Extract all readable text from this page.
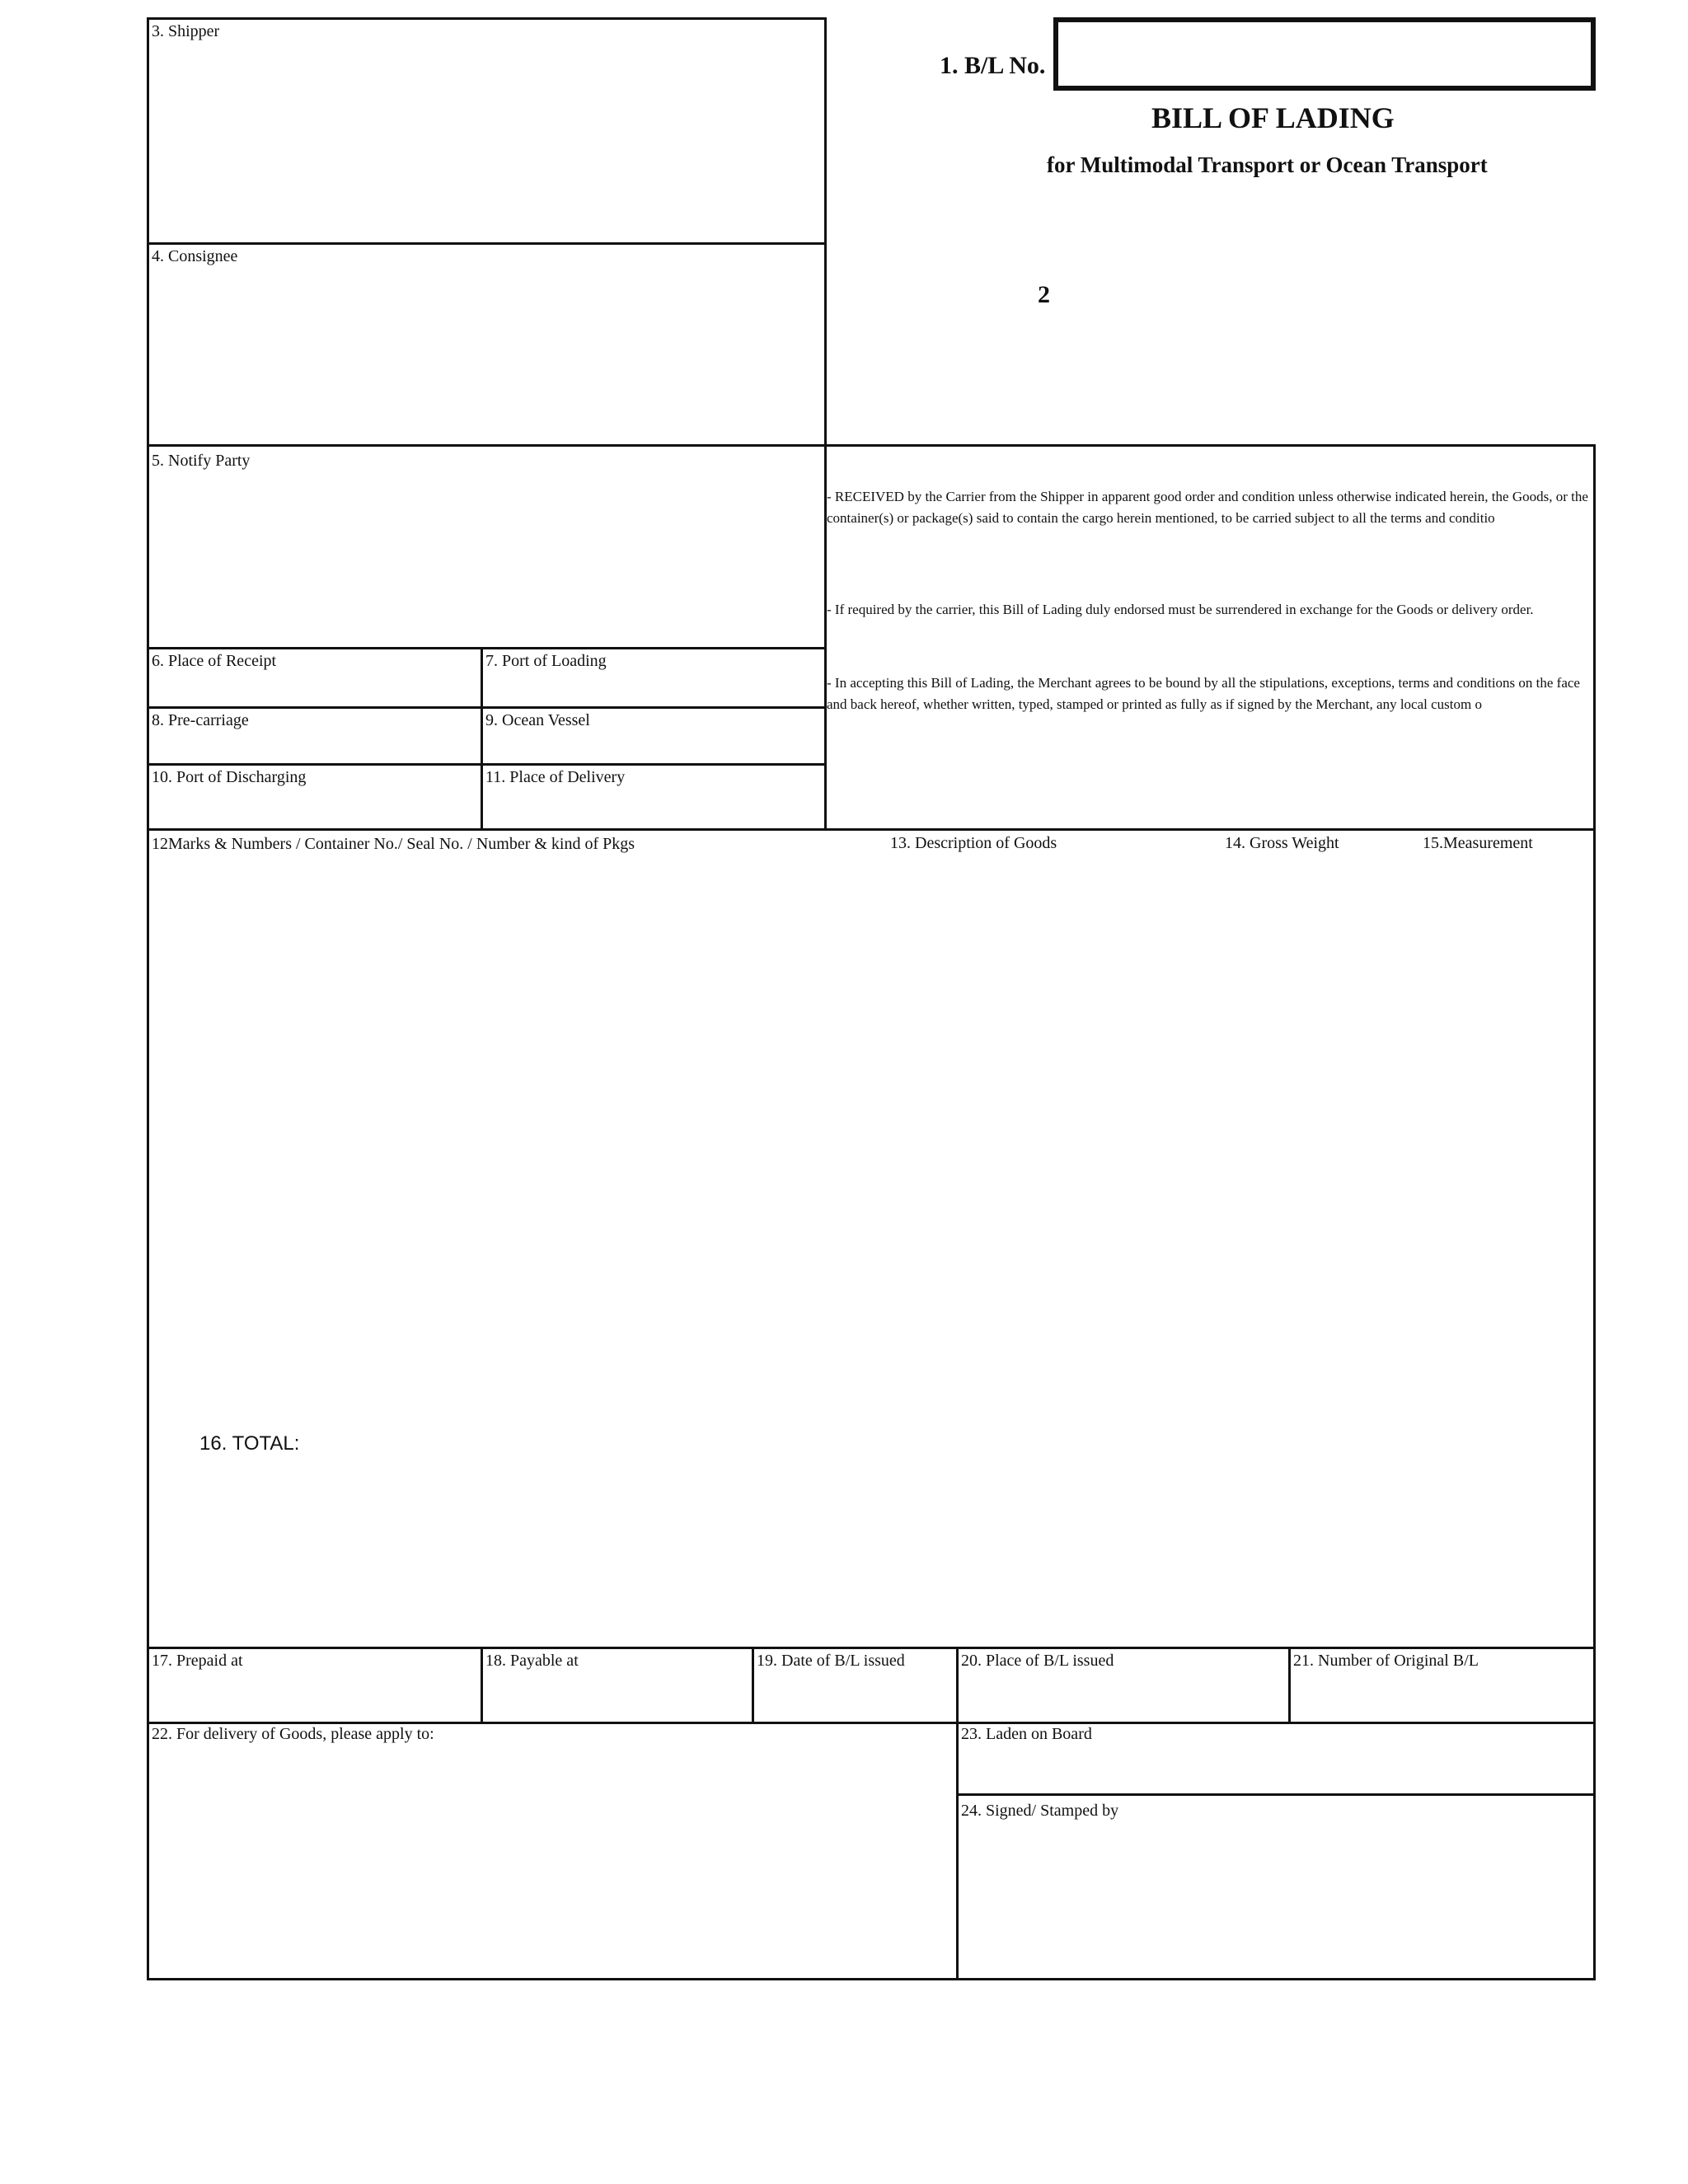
1. B/L No.
BILL OF LADING
for Multimodal Transport or Ocean Transport
2
3. Shipper
4. Consignee
5. Notify Party
6. Place of Receipt	7. Port of Loading
8. Pre-carriage	9. Ocean Vessel
10. Port of Discharging	11. Place of Delivery
- RECEIVED by the Carrier from the Shipper in apparent good order and condition unless otherwise indicated herein, the Goods, or the container(s) or package(s) said to contain the cargo herein mentioned, to be carried subject to all the terms and conditio
- If required by the carrier, this Bill of Lading duly endorsed must be surrendered in exchange for the Goods or delivery order.
- In accepting this Bill of Lading, the Merchant agrees to be bound by all the stipulations, exceptions, terms and conditions on the face and back hereof, whether written, typed, stamped or printed as fully as if signed by the Merchant, any local custom o
12Marks & Numbers / Container No./ Seal No. / Number & kind of Pkgs	13. Description of Goods	14. Gross Weight	15.Measurement
16. TOTAL:
17. Prepaid at	18. Payable at	19. Date of B/L issued	20. Place of B/L issued	21. Number of Original B/L
22. For delivery of Goods, please apply to:	23. Laden on Board
24. Signed/ Stamped by
